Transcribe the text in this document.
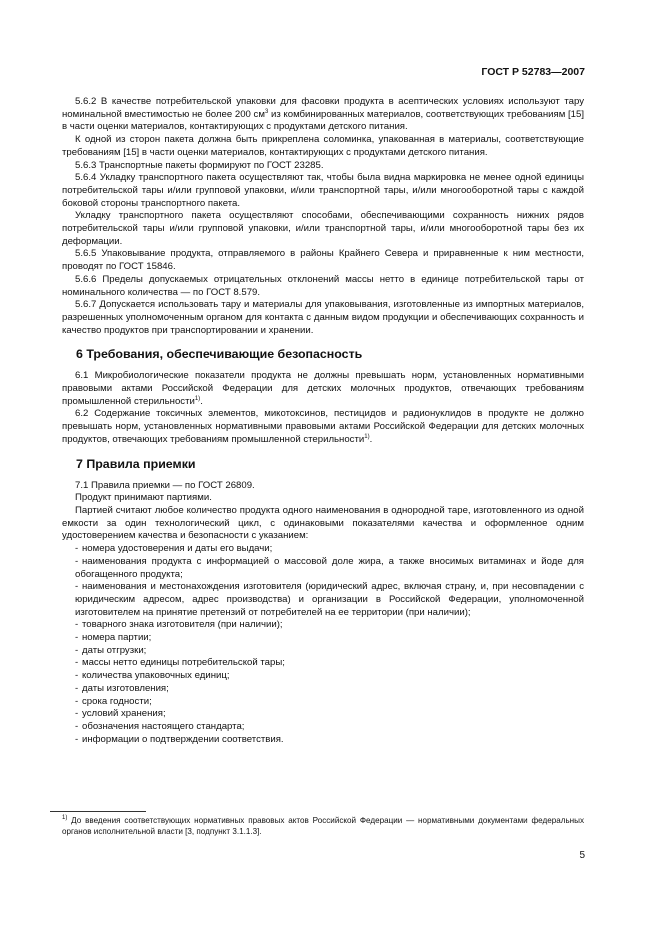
ГОСТ Р 52783—2007

5.6.2 В качестве потребительской упаковки для фасовки продукта в асептических условиях используют тару номинальной вместимостью не более 200 $см^3$ из комбинированных материалов, соответствующих требованиям [15] в части оценки материалов, контактирующих с продуктами детского питания.

К одной из сторон пакета должна быть прикреплена соломинка, упакованная в материалы, соответствующие требованиям [15] в части оценки материалов, контактирующих с продуктами детского питания.

5.6.3 Транспортные пакеты формируют по ГОСТ 23285.

5.6.4 Укладку транспортного пакета осуществляют так, чтобы была видна маркировка не менее одной единицы потребительской тары и/или групповой упаковки, и/или транспортной тары, и/или многооборотной тары с каждой боковой стороны транспортного пакета.

Укладку транспортного пакета осуществляют способами, обеспечивающими сохранность нижних рядов потребительской тары и/или групповой упаковки, и/или транспортной тары, и/или многооборотной тары без их деформации.

5.6.5 Упаковывание продукта, отправляемого в районы Крайнего Севера и приравненные к ним местности, проводят по ГОСТ 15846.

5.6.6 Пределы допускаемых отрицательных отклонений массы нетто в единице потребительской тары от номинального количества — по ГОСТ 8.579.

5.6.7 Допускается использовать тару и материалы для упаковывания, изготовленные из импортных материалов, разрешенных уполномоченным органом для контакта с данным видом продукции и обеспечивающих сохранность и качество продуктов при транспортировании и хранении.

6 Требования, обеспечивающие безопасность

6.1 Микробиологические показатели продукта не должны превышать норм, установленных нормативными правовыми актами Российской Федерации для детских молочных продуктов, отвечающих требованиям промышленной стерильности$^{1)}$.

6.2 Содержание токсичных элементов, микотоксинов, пестицидов и радионуклидов в продукте не должно превышать норм, установленных нормативными правовыми актами Российской Федерации для детских молочных продуктов, отвечающих требованиям промышленной стерильности$^{1)}$.

7 Правила приемки

7.1 Правила приемки — по ГОСТ 26809.

Продукт принимают партиями.

Партией считают любое количество продукта одного наименования в однородной таре, изготовленного из одной емкости за один технологический цикл, с одинаковыми показателями качества и оформленное одним удостоверением качества и безопасности с указанием:

- номера удостоверения и даты его выдачи;

- наименования продукта с информацией о массовой доле жира, а также вносимых витаминах и йоде для обогащенного продукта;

- наименования и местонахождения изготовителя (юридический адрес, включая страну, и, при несовпадении с юридическим адресом, адрес производства) и организации в Российской Федерации, уполномоченной изготовителем на принятие претензий от потребителей на ее территории (при наличии);

- товарного знака изготовителя (при наличии);

- номера партии;

- даты отгрузки;

- массы нетто единицы потребительской тары;

- количества упаковочных единиц;

- даты изготовления;

- срока годности;

- условий хранения;

- обозначения настоящего стандарта;

- информации о подтверждении соответствия.

$^{1)}$ До введения соответствующих нормативных правовых актов Российской Федерации — нормативными документами федеральных органов исполнительной власти [3, подпункт 3.1.1.3].
5
